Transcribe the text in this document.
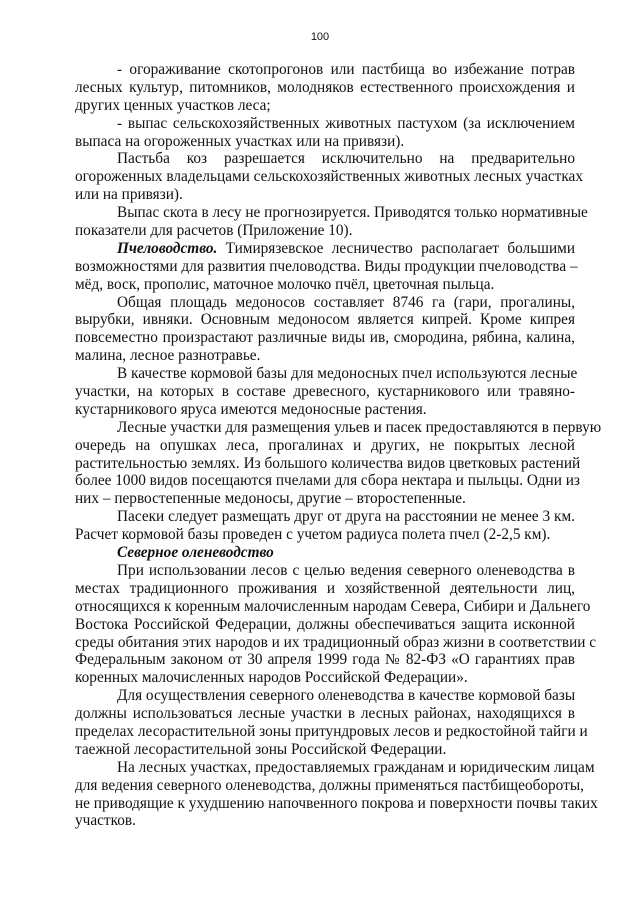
100
- огораживание скотопрогонов или пастбища во избежание потрав
лесных культур, питомников, молодняков естественного происхождения и
других ценных участков леса;
- выпас сельскохозяйственных животных пастухом (за исключением
выпаса на огороженных участках или на привязи).
Пастьба коз разрешается исключительно на предварительно
огороженных владельцами сельскохозяйственных животных лесных участках
или на привязи).
Выпас скота в лесу не прогнозируется. Приводятся только нормативные
показатели для расчетов (Приложение 10).
Пчеловодство. Тимирязевское лесничество располагает большими
возможностями для развития пчеловодства. Виды продукции пчеловодства –
мёд, воск, прополис, маточное молочко пчёл, цветочная пыльца.
Общая площадь медоносов составляет 8746 га (гари, прогалины,
вырубки, ивняки. Основным медоносом является кипрей. Кроме кипрея
повсеместно произрастают различные виды ив, смородина, рябина, калина,
малина, лесное разнотравье.
В качестве кормовой базы для медоносных пчел используются лесные
участки, на которых в составе древесного, кустарникового или травяно-
кустарникового яруса имеются медоносные растения.
Лесные участки для размещения ульев и пасек предоставляются в первую
очередь на опушках леса, прогалинах и других, не покрытых лесной
растительностью землях. Из большого количества видов цветковых растений
более 1000 видов посещаются пчелами для сбора нектара и пыльцы. Одни из
них – первостепенные медоносы, другие – второстепенные.
Пасеки следует размещать друг от друга на расстоянии не менее 3 км.
Расчет кормовой базы проведен с учетом радиуса полета пчел (2-2,5 км).
Северное оленеводство
При использовании лесов с целью ведения северного оленеводства в
местах традиционного проживания и хозяйственной деятельности лиц,
относящихся к коренным малочисленным народам Севера, Сибири и Дальнего
Востока Российской Федерации, должны обеспечиваться защита исконной
среды обитания этих народов и их традиционный образ жизни в соответствии с
Федеральным законом от 30 апреля 1999 года № 82-ФЗ «О гарантиях прав
коренных малочисленных народов Российской Федерации».
Для осуществления северного оленеводства в качестве кормовой базы
должны использоваться лесные участки в лесных районах, находящихся в
пределах лесорастительной зоны притундровых лесов и редкостойной тайги и
таежной лесорастительной зоны Российской Федерации.
На лесных участках, предоставляемых гражданам и юридическим лицам
для ведения северного оленеводства, должны применяться пастбищеобороты,
не приводящие к ухудшению напочвенного покрова и поверхности почвы таких
участков.
